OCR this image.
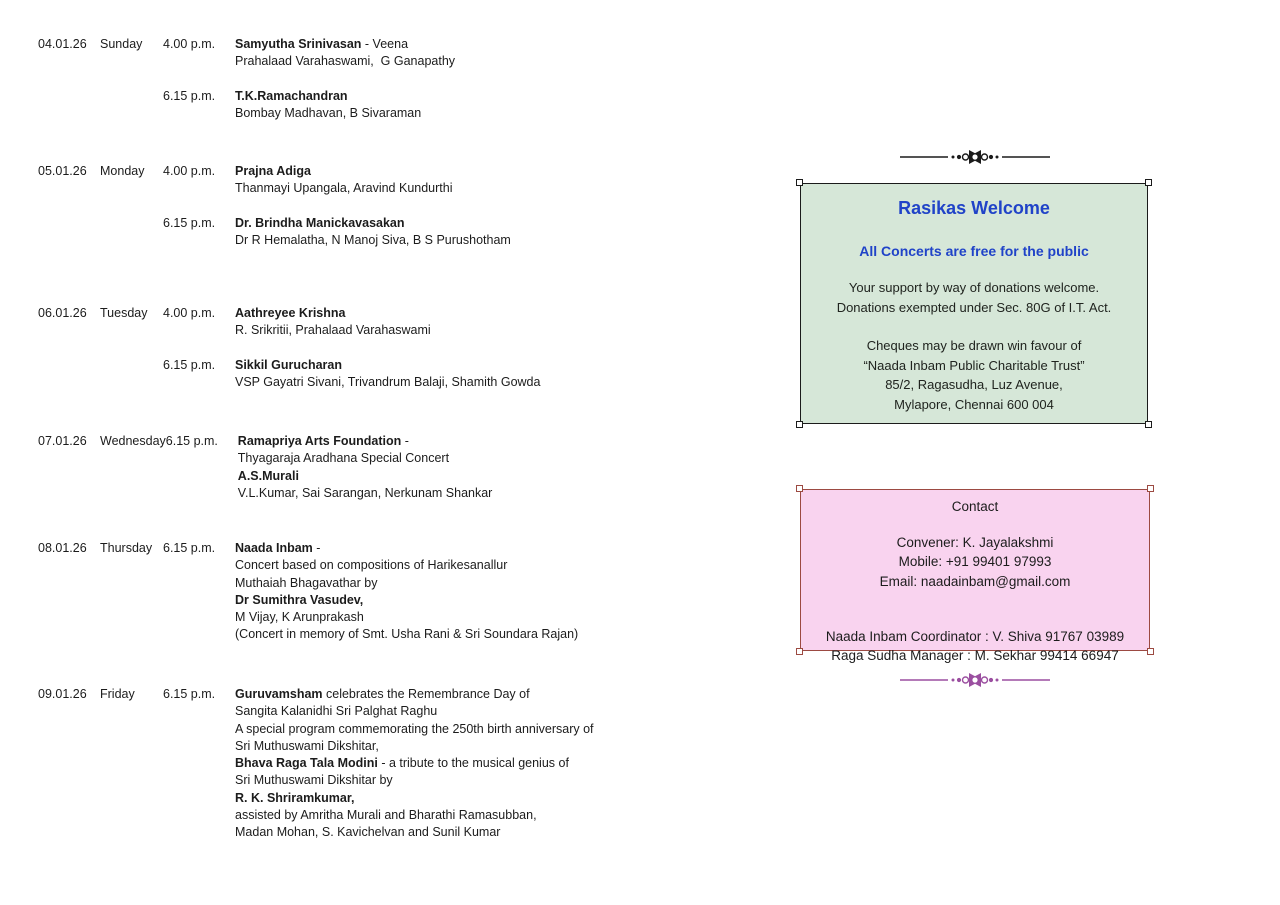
04.01.26	Sunday	4.00 p.m.	Samyutha Srinivasan - Veena
Prahalaad Varahaswami,  G Ganapathy
6.15 p.m.	T.K.Ramachandran
Bombay Madhavan, B Sivaraman
05.01.26	Monday	4.00 p.m.	Prajna Adiga
Thanmayi Upangala, Aravind Kundurthi
6.15 p.m.	Dr. Brindha Manickavasakan
Dr R Hemalatha, N Manoj Siva, B S Purushotham
06.01.26	Tuesday	4.00 p.m.	Aathreyee Krishna
R. Srikritii, Prahalaad Varahaswami
6.15 p.m.	Sikkil Gurucharan
VSP Gayatri Sivani, Trivandrum Balaji, Shamith Gowda
07.01.26	Wednesday 6.15 p.m.	Ramapriya Arts Foundation -
Thyagaraja Aradhana Special Concert
A.S.Murali
V.L.Kumar, Sai Sarangan, Nerkunam Shankar
08.01.26	Thursday 6.15 p.m.	Naada Inbam -
Concert based on compositions of Harikesanallur
Muthaiah Bhagavathar by
Dr Sumithra Vasudev,
M Vijay, K Arunprakash
(Concert in memory of Smt. Usha Rani & Sri Soundara Rajan)
09.01.26	Friday	6.15 p.m.	Guruvamsham celebrates the Remembrance Day of
Sangita Kalanidhi Sri Palghat Raghu
A special program commemorating the 250th birth anniversary of
Sri Muthuswami Dikshitar,
Bhava Raga Tala Modini - a tribute to the musical genius of
Sri Muthuswami Dikshitar by
R. K. Shriramkumar,
assisted by Amritha Murali and Bharathi Ramasubban,
Madan Mohan, S. Kavichelvan and Sunil Kumar
Rasikas Welcome
All Concerts are free for the public
Your support by way of donations welcome.
Donations exempted under Sec. 80G of I.T. Act.
Cheques may be drawn win favour of
“Naada Inbam Public Charitable Trust”
85/2, Ragasudha, Luz Avenue,
Mylapore, Chennai 600 004
Contact
Convener: K. Jayalakshmi
Mobile: +91 99401 97993
Email: naadainbam@gmail.com
Naada Inbam Coordinator : V. Shiva 91767 03989
Raga Sudha Manager : M. Sekhar 99414 66947
